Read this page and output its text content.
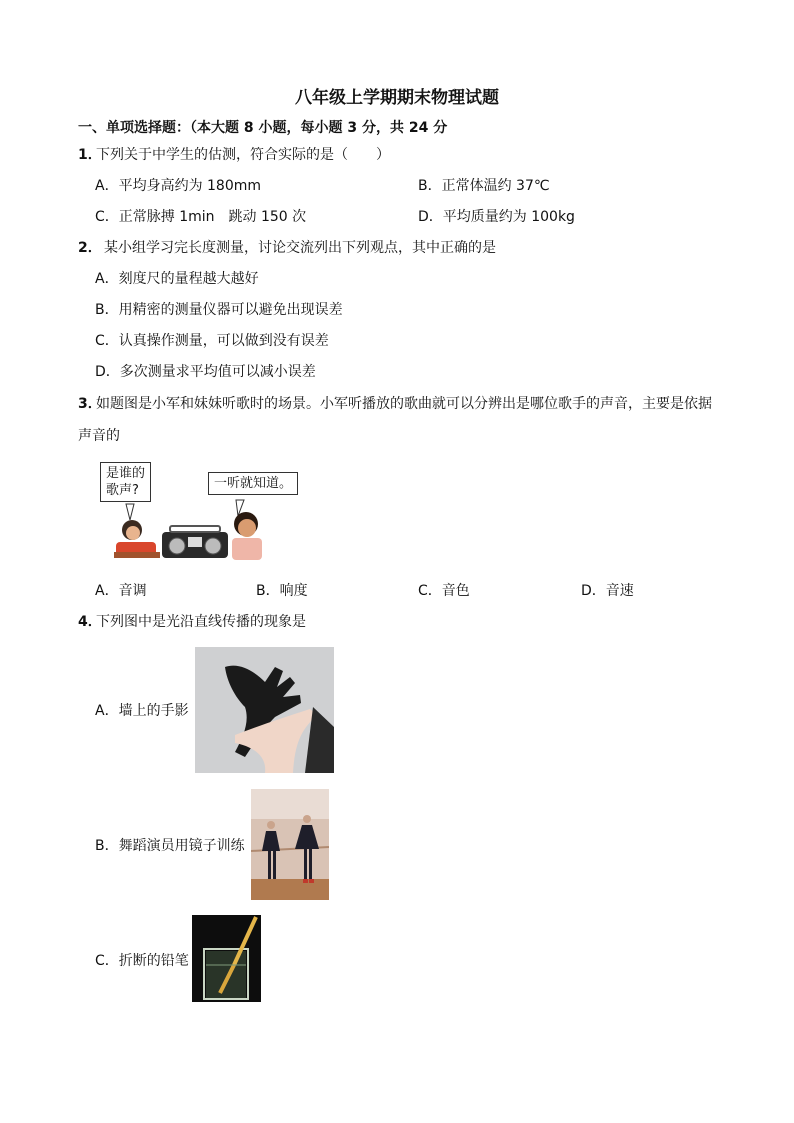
八年级上学期期末物理试题
一、单项选择题：（本大题 8 小题，每小题 3 分，共 24 分
1．
下列关于中学生的估测，符合实际的是（　　）
A．平均身高约为 180mm	B．正常体温约 37℃
C．正常脉搏 1min　跳动 150 次	D．平均质量约为 100kg
2． 某小组学习完长度测量，讨论交流列出下列观点，其中正确的是
A．刻度尺的量程越大越好
B．用精密的测量仪器可以避免出现误差
C．认真操作测量，可以做到没有误差
D．多次测量求平均值可以减小误差
3．
如题图是小军和妹妹听歌时的场景。小军听播放的歌曲就可以分辨出是哪位歌手的声音，主要是依据
声音的
是谁的
歌声?	一听就知道。
A．音调	B．响度	C．音色	D．音速
4．
下列图中是光沿直线传播的现象是
A．墙上的手影
B．舞蹈演员用镜子训练
C．折断的铅笔
